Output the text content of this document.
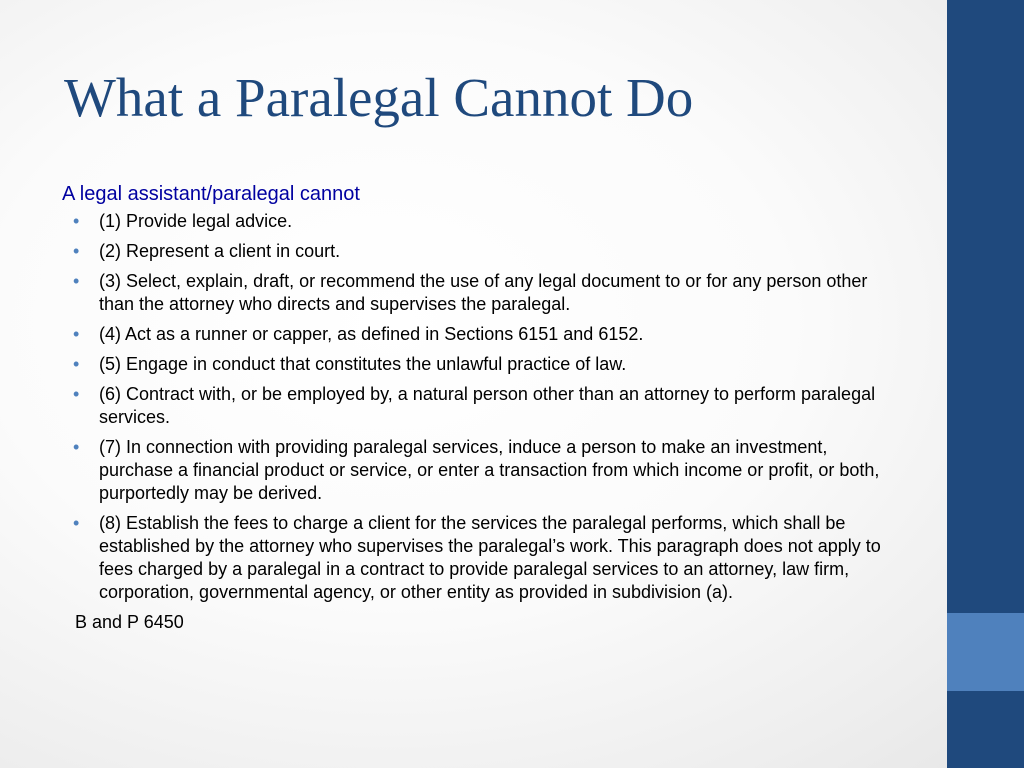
What a Paralegal Cannot Do

A legal assistant/paralegal cannot

• (1) Provide legal advice.
• (2) Represent a client in court.
• (3) Select, explain, draft, or recommend the use of any legal document to or for any person other than the attorney who directs and supervises the paralegal.
• (4) Act as a runner or capper, as defined in Sections 6151 and 6152.
• (5) Engage in conduct that constitutes the unlawful practice of law.
• (6) Contract with, or be employed by, a natural person other than an attorney to perform paralegal services.
• (7) In connection with providing paralegal services, induce a person to make an investment, purchase a financial product or service, or enter a transaction from which income or profit, or both, purportedly may be derived.
• (8) Establish the fees to charge a client for the services the paralegal performs, which shall be established by the attorney who supervises the paralegal’s work. This paragraph does not apply to fees charged by a paralegal in a contract to provide paralegal services to an attorney, law firm, corporation, governmental agency, or other entity as provided in subdivision (a).

B and P 6450
